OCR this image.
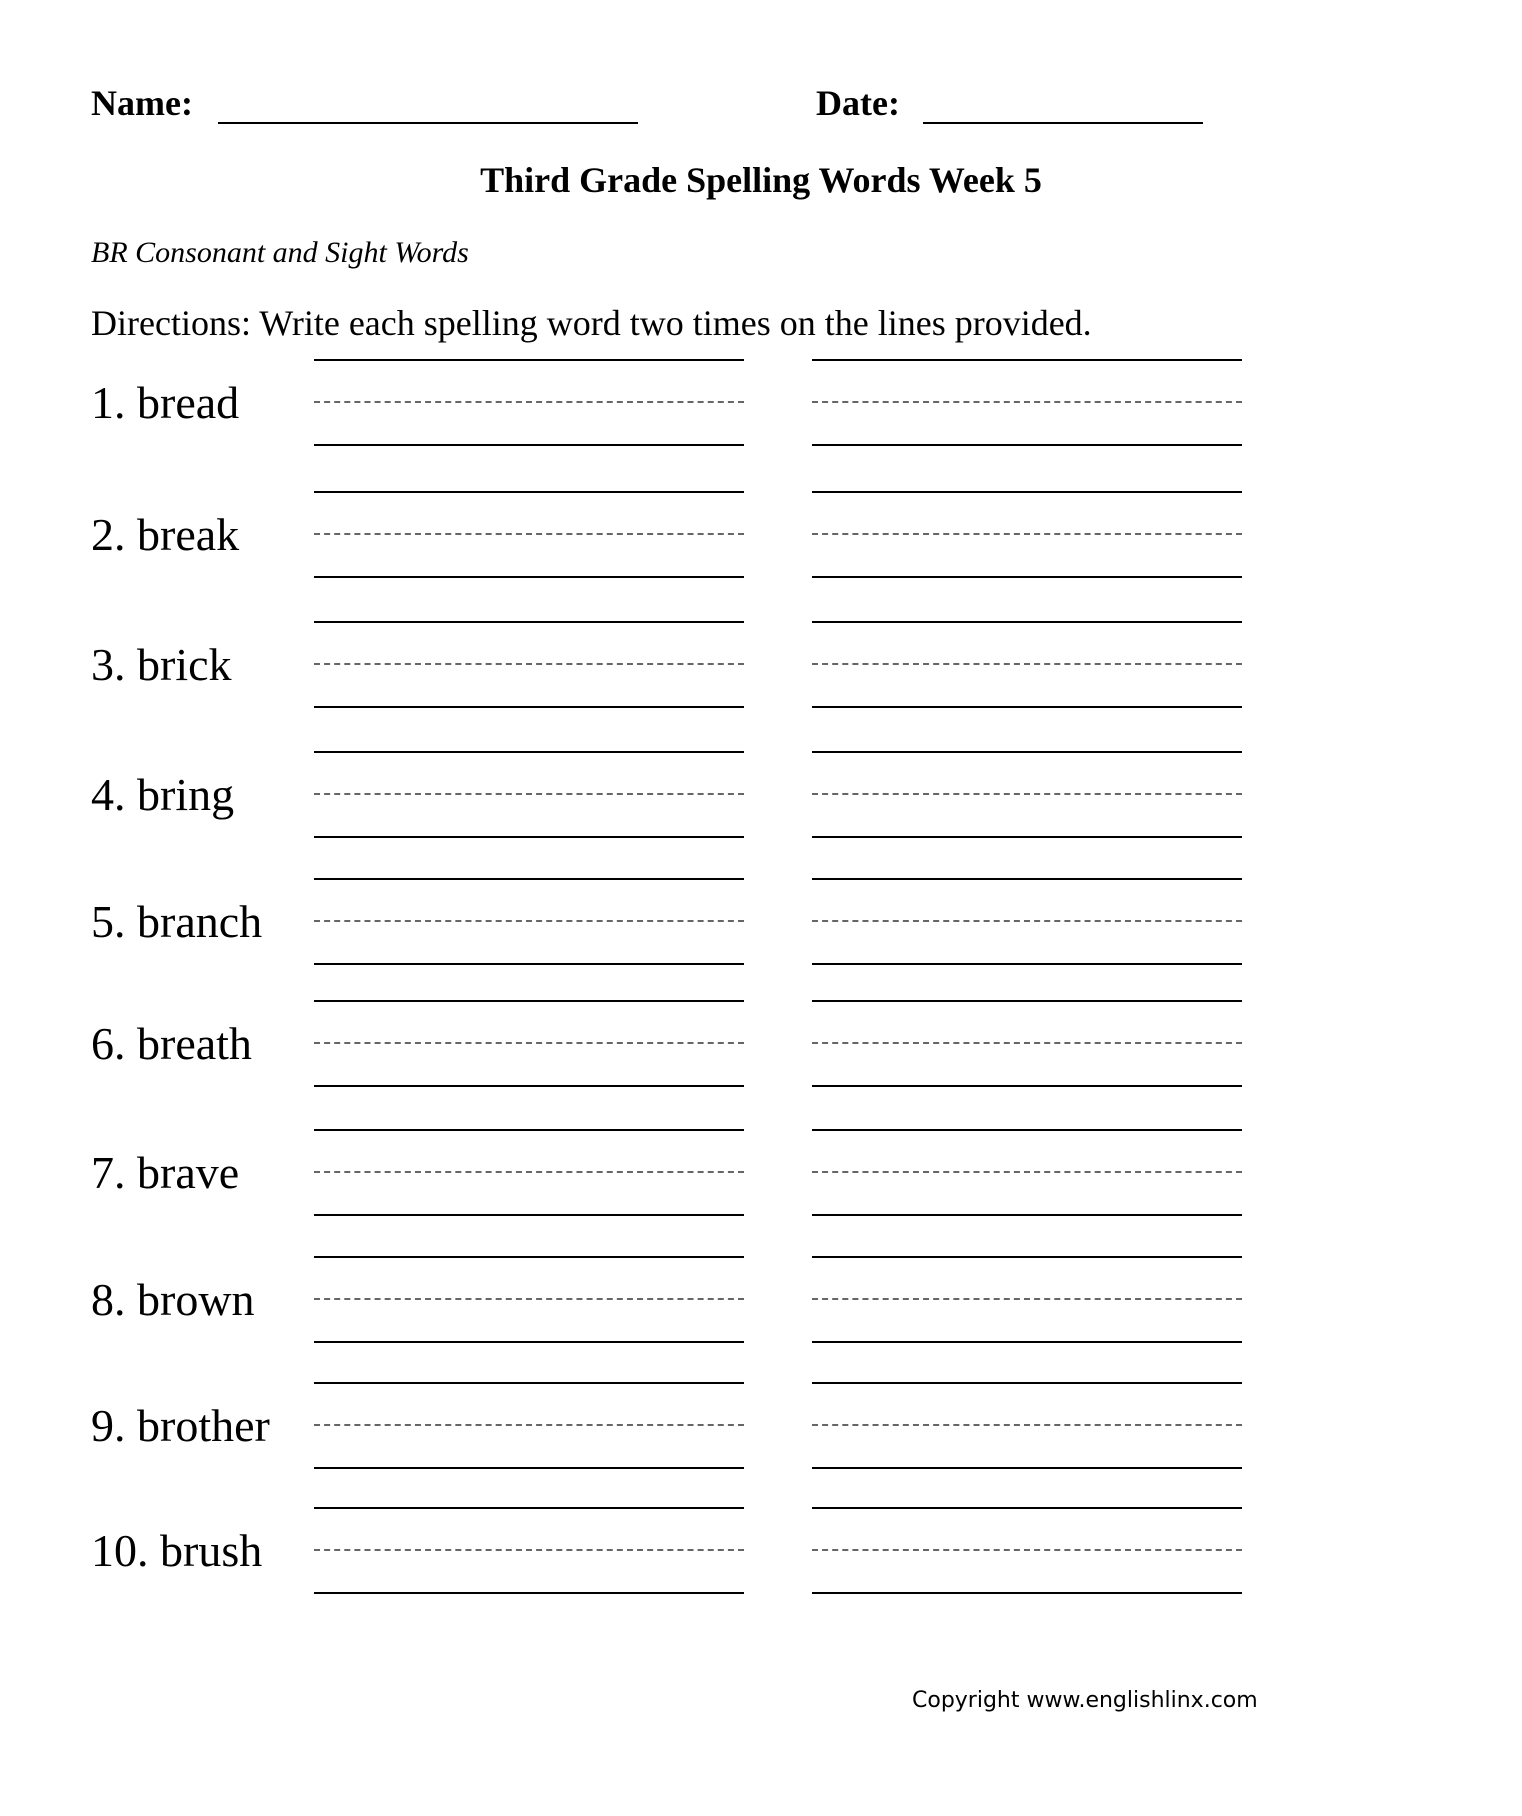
Name:	Date:
Third Grade Spelling Words Week 5
BR Consonant and Sight Words
Directions: Write each spelling word two times on the lines provided.
1. bread
2. break
3. brick
4. bring
5. branch
6. breath
7. brave
8. brown
9. brother
10. brush
Copyright www.englishlinx.com
